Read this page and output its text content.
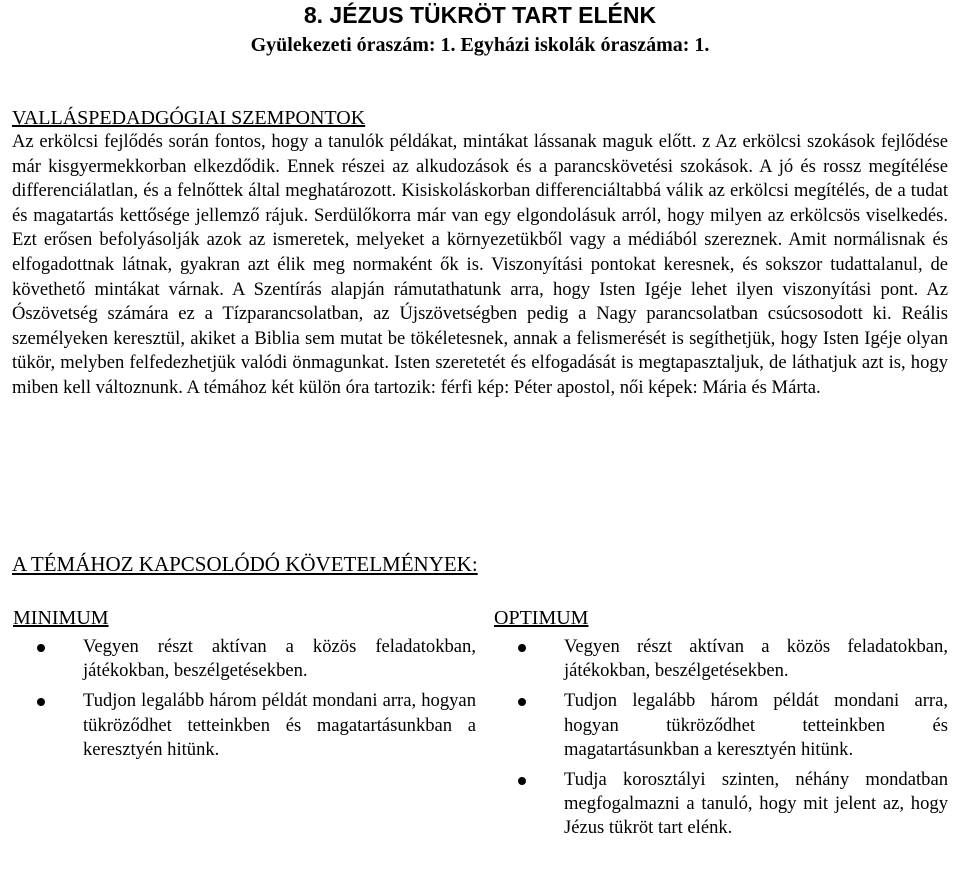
8. JÉZUS TÜKRÖT TART ELÉNK

Gyülekezeti óraszám: 1. Egyházi iskolák óraszáma: 1.

VALLÁSPEDADGÓGIAI SZEMPONTOK

Az erkölcsi fejlődés során fontos, hogy a tanulók példákat, mintákat lássanak maguk előtt. z Az erkölcsi szokások fejlődése már kisgyermekkorban elkezdődik. Ennek részei az alkudozások és a parancskövetési szokások. A jó és rossz megítélése differenciálatlan, és a felnőttek által meghatározott. Kisiskoláskorban differenciáltabbá válik az erkölcsi megítélés, de a tudat és magatartás kettősége jellemző rájuk. Serdülőkorra már van egy elgondolásuk arról, hogy milyen az erkölcsös viselkedés. Ezt erősen befolyásolják azok az ismeretek, melyeket a környezetükből vagy a médiából szereznek. Amit normálisnak és elfogadottnak látnak, gyakran azt élik meg normaként ők is. Viszonyítási pontokat keresnek, és sokszor tudattalanul, de követhető mintákat várnak. A Szentírás alapján rámutathatunk arra, hogy Isten Igéje lehet ilyen viszonyítási pont. Az Ószövetség számára ez a Tízparancsolatban, az Újszövetségben pedig a Nagy parancsolatban csúcsosodott ki. Reális személyeken keresztül, akiket a Biblia sem mutat be tökéletesnek, annak a felismerését is segíthetjük, hogy Isten Igéje olyan tükör, melyben felfedezhetjük valódi önmagunkat. Isten szeretetét és elfogadását is megtapasztaljuk, de láthatjuk azt is, hogy miben kell változnunk. A témához két külön óra tartozik: férfi kép: Péter apostol, női képek: Mária és Márta.

A TÉMÁHOZ KAPCSOLÓDÓ KÖVETELMÉNYEK:
MINIMUM
Vegyen részt aktívan a közös feladatokban, játékokban, beszélgetésekben.
Tudjon legalább három példát mondani arra, hogyan tükröződhet tetteinkben és magatartásunkban a keresztyén hitünk.

OPTIMUM
Vegyen részt aktívan a közös feladatokban, játékokban, beszélgetésekben.
Tudjon legalább három példát mondani arra, hogyan tükröződhet tetteinkben és magatartásunkban a keresztyén hitünk.
Tudja korosztályi szinten, néhány mondatban megfogalmazni a tanuló, hogy mit jelent az, hogy Jézus tükröt tart elénk.
